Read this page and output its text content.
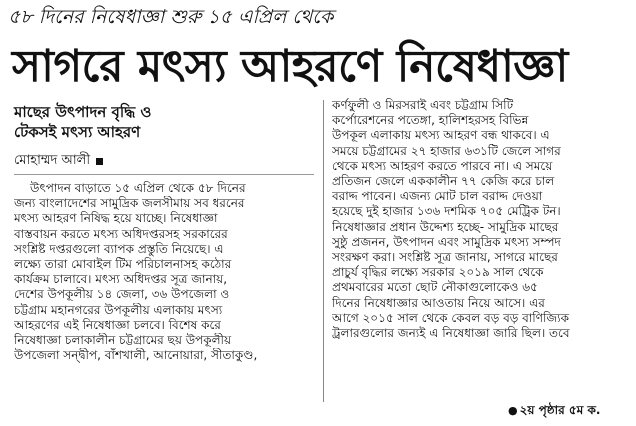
৫৮ দিনের নিষেধাজ্ঞা শুরু ১৫ এপ্রিল থেকে
সাগরে মৎস্য আহরণে নিষেধাজ্ঞা
মাছের উৎপাদন বৃদ্ধি ও
টেকসই মৎস্য আহরণ
মোহাম্মদ আলী
উৎপাদন বাড়াতে ১৫ এপ্রিল থেকে ৫৮ দিনের
জন্য বাংলাদেশের সামুদ্রিক জলসীমায় সব ধরনের
মৎস্য আহরণ নিষিদ্ধ হয়ে যাচ্ছে। নিষেধাজ্ঞা
বাস্তবায়ন করতে মৎস্য অধিদপ্তরসহ সরকারের
সংশ্লিষ্ট দপ্তরগুলো ব্যাপক প্রস্তুতি নিয়েছে। এ
লক্ষ্যে তারা মোবাইল টিম পরিচালনাসহ কঠোর
কার্যক্রম চালাবে। মৎস্য অধিদপ্তর সূত্র জানায়,
দেশের উপকূলীয় ১৪ জেলা, ৩৬ উপজেলা ও
চট্টগ্রাম মহানগরের উপকূলীয় এলাকায় মৎস্য
আহরণের এই নিষেধাজ্ঞা চলবে। বিশেষ করে
নিষেধাজ্ঞা চলাকালীন চট্টগ্রামের ছয় উপকূলীয়
উপজেলা সন্দ্বীপ, বাঁশখালী, আনোয়ারা, সীতাকুণ্ড,
কর্ণফুলী ও মিরসরাই এবং চট্টগ্রাম সিটি
কর্পোরেশনের পতেঙ্গা, হালিশহরসহ বিভিন্ন
উপকূল এলাকায় মৎস্য আহরণ বন্ধ থাকবে। এ
সময়ে চট্টগ্রামের ২৭ হাজার ৬৩১টি জেলে সাগর
থেকে মৎস্য আহরণ করতে পারবে না। এ সময়ে
প্রতিজন জেলে এককালীন ৭৭ কেজি করে চাল
বরাদ্দ পাবেন। এজন্য মোট চাল বরাদ্দ দেওয়া
হয়েছে দুই হাজার ১৩৬ দশমিক ৭০৫ মেট্রিক টন।
নিষেধাজ্ঞার প্রধান উদ্দেশ্য হচ্ছে- সামুদ্রিক মাছের
সুষ্ঠু প্রজনন, উৎপাদন এবং সামুদ্রিক মৎস্য সম্পদ
সংরক্ষণ করা। সংশ্লিষ্ট সূত্র জানায়, সাগরে মাছের
প্রাচুর্য বৃদ্ধির লক্ষ্যে সরকার ২০১৯ সাল থেকে
প্রথমবারের মতো ছোট নৌকাগুলোকেও ৬৫
দিনের নিষেধাজ্ঞার আওতায় নিয়ে আসে। এর
আগে ২০১৫ সাল থেকে কেবল বড় বড় বাণিজ্যিক
ট্রলারগুলোর জন্যই এ নিষেধাজ্ঞা জারি ছিল। তবে
● ২য় পৃষ্ঠার ৫ম ক.
